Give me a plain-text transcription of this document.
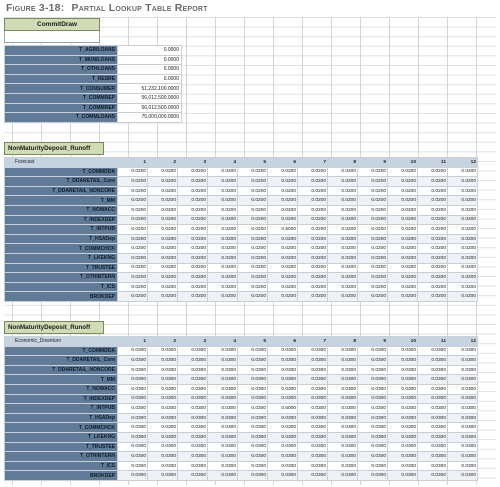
Figure 3-18: Partial Lookup Table Report
CommitDraw
T_AGRILOANS	0.0000
T_MUNILOANS	0.0000
T_OTHLOANS	0.0000
T_RESRE	0.0000
T_CONSUMER	51,232,100.0000
T_COMMREP	56,012,500.0000
T_COMMREP	56,012,500.0000
T_COMMLOANS	75,000,000.0000
NonMaturityDeposit_Runoff
Forecast	1	2	3	4	5	6	7	8	9	10	11	12
T_COMMDDA	0.0200	0.0200	0.0200	0.0200	0.0200	0.0200	0.0200	0.0200	0.0200	0.0200	0.0200	0.0200
T_DDARETAIL_Core	0.0200	0.0200	0.0200	0.0200	0.0200	0.0200	0.0200	0.0200	0.0200	0.0200	0.0200	0.0200
T_DDARETAIL_NONCORE	0.0200	0.0200	0.0200	0.0200	0.0200	0.0200	0.0200	0.0200	0.0200	0.0200	0.0200	0.0200
T_MM	0.0200	0.0200	0.0200	0.0200	0.0200	0.0200	0.0200	0.0200	0.0200	0.0200	0.0200	0.0200
T_NOWACC	0.0200	0.0200	0.0200	0.0200	0.0200	0.0200	0.0200	0.0200	0.0200	0.0200	0.0200	0.0200
T_INDEXDEP	0.0200	0.0200	0.0200	0.0200	0.0200	0.0200	0.0200	0.0200	0.0200	0.0200	0.0200	0.0200
T_INTPUB	0.0200	0.0200	0.0200	0.0200	0.0200	0.5000	0.0200	0.0200	0.0200	0.0200	0.0200	0.0200
T_HSADep	0.0200	0.0200	0.0200	0.0200	0.0200	0.0200	0.0200	0.0200	0.0200	0.0200	0.0200	0.0200
T_COMMCHCK	0.0200	0.0200	0.0200	0.0200	0.0200	0.0200	0.0200	0.0200	0.0200	0.0200	0.0200	0.0200
T_LKEKNG	0.0200	0.0200	0.0200	0.0200	0.0200	0.0200	0.0200	0.0200	0.0200	0.0200	0.0200	0.0200
T_TRUSTEE	0.0200	0.0200	0.0200	0.0200	0.0200	0.0200	0.0200	0.0200	0.0200	0.0200	0.0200	0.0200
T_OTHINTERN	0.0200	0.0200	0.0200	0.0200	0.0200	0.0200	0.0200	0.0200	0.0200	0.0200	0.0200	0.0200
T_ICS	0.0200	0.0200	0.0200	0.0200	0.0200	0.0200	0.0200	0.0200	0.0200	0.0200	0.0200	0.0200
BROKDEP	0.0200	0.0200	0.0200	0.0200	0.0200	0.0200	0.0200	0.0200	0.0200	0.0200	0.0200	0.0200
NonMaturityDeposit_Runoff
Economic_Downturn	1	2	3	4	5	6	7	8	9	10	11	12
T_COMMDDA	0.0300	0.0300	0.0300	0.0300	0.0300	0.0300	0.0300	0.0300	0.0300	0.0300	0.0300	0.0300
T_DDARETAIL_Core	0.0300	0.0300	0.0300	0.0300	0.0300	0.0300	0.0300	0.0300	0.0300	0.0300	0.0300	0.0300
T_DDARETAIL_NONCORE	0.0300	0.0300	0.0300	0.0300	0.0300	0.0300	0.0300	0.0300	0.0300	0.0300	0.0300	0.0300
T_MM	0.0300	0.0300	0.0300	0.0300	0.0300	0.0300	0.0300	0.0300	0.0300	0.0300	0.0300	0.0300
T_NOWACC	0.0300	0.0300	0.0300	0.0300	0.0300	0.0300	0.0300	0.0300	0.0300	0.0300	0.0300	0.0300
T_INDEXDEP	0.0300	0.0300	0.0300	0.0300	0.0300	0.0300	0.0300	0.0300	0.0300	0.0300	0.0300	0.0300
T_INTPUB	0.0300	0.0300	0.0300	0.0300	0.0300	0.5000	0.0300	0.0300	0.0300	0.0300	0.0300	0.0300
T_HSADep	0.0300	0.0300	0.0300	0.0300	0.0300	0.0300	0.0300	0.0300	0.0300	0.0300	0.0300	0.0300
T_COMMCHCK	0.0300	0.0300	0.0300	0.0300	0.0300	0.0300	0.0300	0.0300	0.0300	0.0300	0.0300	0.0300
T_LKEKNG	0.0300	0.0300	0.0300	0.0300	0.0300	0.0300	0.0300	0.0300	0.0300	0.0300	0.0300	0.0300
T_TRUSTEE	0.0300	0.0300	0.0300	0.0300	0.0300	0.0300	0.0300	0.0300	0.0300	0.0300	0.0300	0.0300
T_OTHINTERN	0.0300	0.0300	0.0300	0.0300	0.0300	0.0300	0.0300	0.0300	0.0300	0.0300	0.0300	0.0300
T_ICS	0.0300	0.0300	0.0300	0.0300	0.0300	0.0300	0.0300	0.0300	0.0300	0.0300	0.0300	0.0300
BROKDEP	0.0300	0.0300	0.0300	0.0300	0.0300	0.0300	0.0300	0.0300	0.0300	0.0300	0.0300	0.0300
